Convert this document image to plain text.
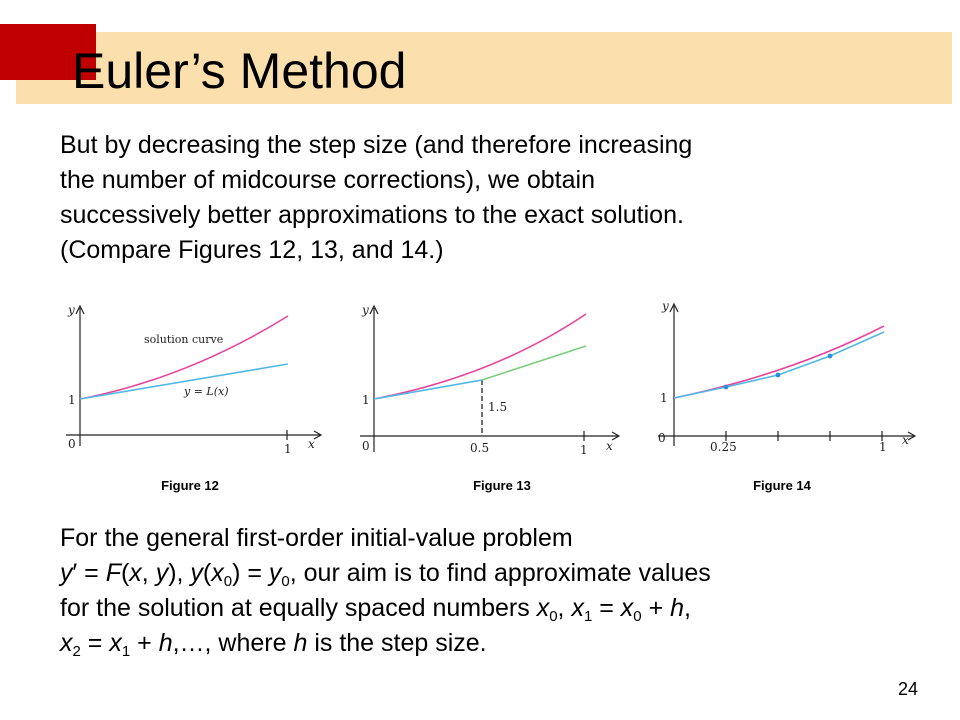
Euler’s Method

But by decreasing the step size (and therefore increasing
the number of midcourse corrections), we obtain
successively better approximations to the exact solution.
(Compare Figures 12, 13, and 14.)

y
x
0
1
1
solution curve
y = L(x)
y
x
0
1
1
0.5
1.5
y
x
0
1
1
0.25
Figure 12	Figure 13	Figure 14

For the general first-order initial-value problem
y′ = F(x, y), $y(x_0) = y_0$, our aim is to find approximate values
for the solution at equally spaced numbers $x_0$, $x_1 = x_0 + h$,
$x_2 = x_1$ + h,…, where h is the step size.

24
